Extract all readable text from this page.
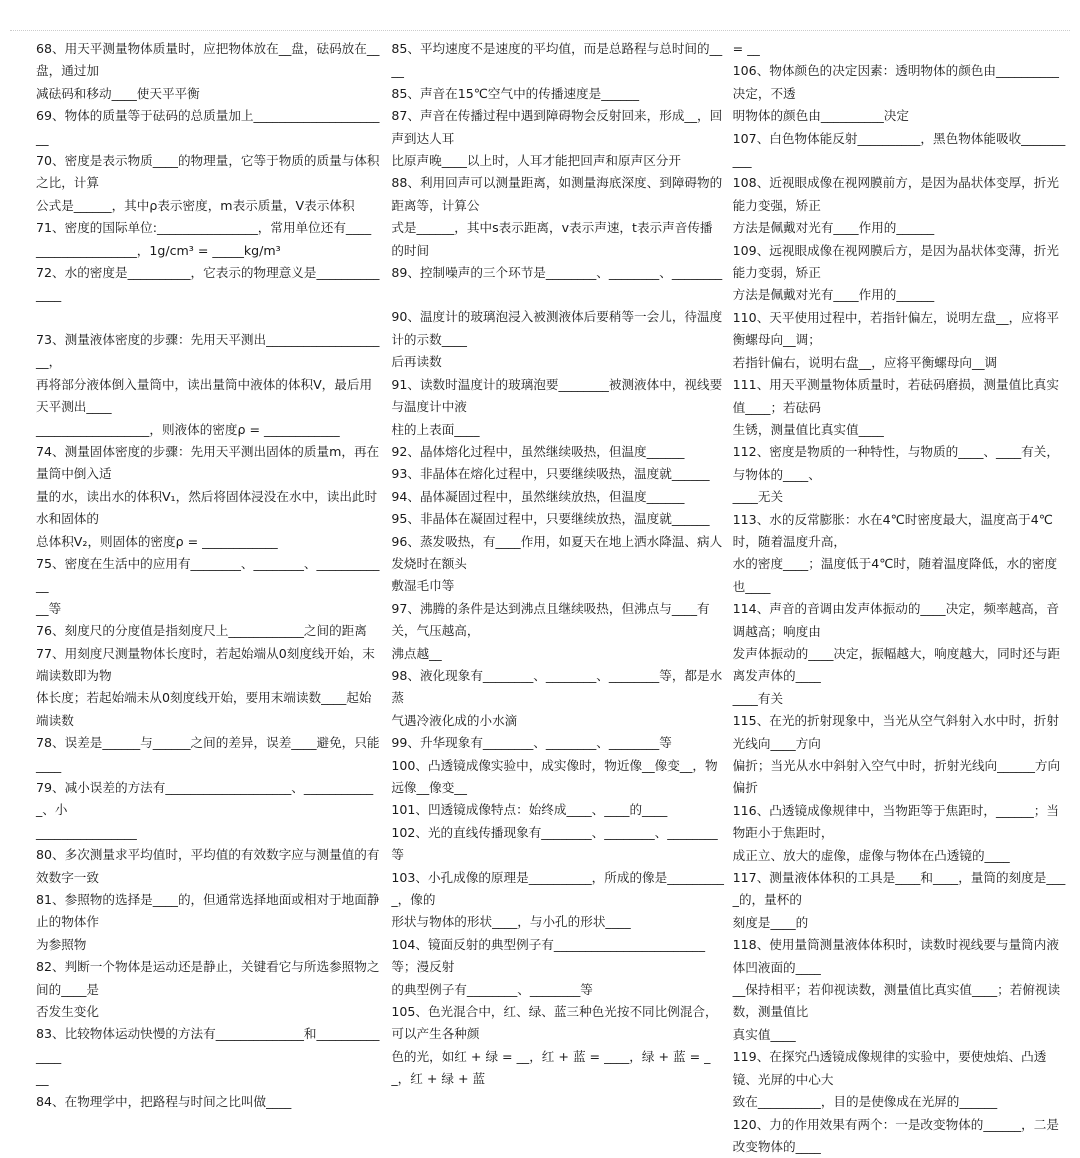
68、用天平测量物体质量时，应把物体放在__盘，砝码放在__盘，通过加

减砝码和移动____使天平平衡

69、物体的质量等于砝码的总质量加上______________________

70、密度是表示物质____的物理量，它等于物质的质量与体积之比，计算

公式是______，其中ρ表示密度，m表示质量，V表示体积

71、密度的国际单位:________________，常用单位还有____

________________，1g/cm³ = _____kg/m³

72、水的密度是__________，它表示的物理意义是______________

73、测量液体密度的步骤：先用天平测出____________________，

再将部分液体倒入量筒中，读出量筒中液体的体积V，最后用天平测出____

__________________，则液体的密度ρ = ____________

74、测量固体密度的步骤：先用天平测出固体的质量m，再在量筒中倒入适

量的水，读出水的体积V₁，然后将固体浸没在水中，读出此时水和固体的

总体积V₂，则固体的密度ρ = ____________

75、密度在生活中的应用有________、________、____________

__等

76、刻度尺的分度值是指刻度尺上____________之间的距离

77、用刻度尺测量物体长度时，若起始端从0刻度线开始，末端读数即为物

体长度；若起始端未从0刻度线开始，要用末端读数____起始端读数

78、误差是______与______之间的差异，误差____避免，只能____

79、减小误差的方法有____________________、____________、小

________________

80、多次测量求平均值时，平均值的有效数字应与测量值的有效数字一致

81、参照物的选择是____的，但通常选择地面或相对于地面静止的物体作

为参照物

82、判断一个物体是运动还是静止，关键看它与所选参照物之间的____是

否发生变化

83、比较物体运动快慢的方法有______________和______________

__

84、在物理学中，把路程与时间之比叫做____

85、平均速度不是速度的平均值，而是总路程与总时间的____

85、声音在15℃空气中的传播速度是______

87、声音在传播过程中遇到障碍物会反射回来，形成__，回声到达人耳

比原声晚____以上时，人耳才能把回声和原声区分开

88、利用回声可以测量距离，如测量海底深度、到障碍物的距离等，计算公

式是______，其中s表示距离，v表示声速，t表示声音传播的时间

89、控制噪声的三个环节是________、________、________

90、温度计的玻璃泡浸入被测液体后要稍等一会儿，待温度计的示数____

后再读数

91、读数时温度计的玻璃泡要________被测液体中，视线要与温度计中液

柱的上表面____

92、晶体熔化过程中，虽然继续吸热，但温度______

93、非晶体在熔化过程中，只要继续吸热，温度就______

94、晶体凝固过程中，虽然继续放热，但温度______

95、非晶体在凝固过程中，只要继续放热，温度就______

96、蒸发吸热，有____作用，如夏天在地上洒水降温、病人发烧时在额头

敷湿毛巾等

97、沸腾的条件是达到沸点且继续吸热，但沸点与____有关，气压越高，

沸点越__

98、液化现象有________、________、________等，都是水蒸

气遇冷液化成的小水滴

99、升华现象有________、________、________等

100、凸透镜成像实验中，成实像时，物近像__像变__，物远像__像变__

101、凹透镜成像特点：始终成____、____的____

102、光的直线传播现象有________、________、________等

103、小孔成像的原理是__________，所成的像是__________，像的

形状与物体的形状____，与小孔的形状____

104、镜面反射的典型例子有________________________等；漫反射

的典型例子有________、________等

105、色光混合中，红、绿、蓝三种色光按不同比例混合，可以产生各种颜

色的光，如红 + 绿 = __，红 + 蓝 = ____，绿 + 蓝 = __，红 + 绿 + 蓝

= __

106、物体颜色的决定因素：透明物体的颜色由__________决定，不透

明物体的颜色由__________决定

107、白色物体能反射__________，黑色物体能吸收__________

108、近视眼成像在视网膜前方，是因为晶状体变厚，折光能力变强，矫正

方法是佩戴对光有____作用的______

109、远视眼成像在视网膜后方，是因为晶状体变薄，折光能力变弱，矫正

方法是佩戴对光有____作用的______

110、天平使用过程中，若指针偏左，说明左盘__，应将平衡螺母向__调；

若指针偏右，说明右盘__，应将平衡螺母向__调

111、用天平测量物体质量时，若砝码磨损，测量值比真实值____；若砝码

生锈，测量值比真实值____

112、密度是物质的一种特性，与物质的____、____有关，与物体的____、

____无关

113、水的反常膨胀：水在4℃时密度最大，温度高于4℃时，随着温度升高，

水的密度____；温度低于4℃时，随着温度降低，水的密度也____

114、声音的音调由发声体振动的____决定，频率越高，音调越高；响度由

发声体振动的____决定，振幅越大，响度越大，同时还与距离发声体的____

____有关

115、在光的折射现象中，当光从空气斜射入水中时，折射光线向____方向

偏折；当光从水中斜射入空气中时，折射光线向______方向偏折

116、凸透镜成像规律中，当物距等于焦距时，______；当物距小于焦距时，

成正立、放大的虚像，虚像与物体在凸透镜的____

117、测量液体体积的工具是____和____，量筒的刻度是____的，量杯的

刻度是____的

118、使用量筒测量液体体积时，读数时视线要与量筒内液体凹液面的____

__保持相平；若仰视读数，测量值比真实值____；若俯视读数，测量值比

真实值____

119、在探究凸透镜成像规律的实验中，要使烛焰、凸透镜、光屏的中心大

致在__________，目的是使像成在光屏的______

120、力的作用效果有两个：一是改变物体的______，二是改变物体的____
